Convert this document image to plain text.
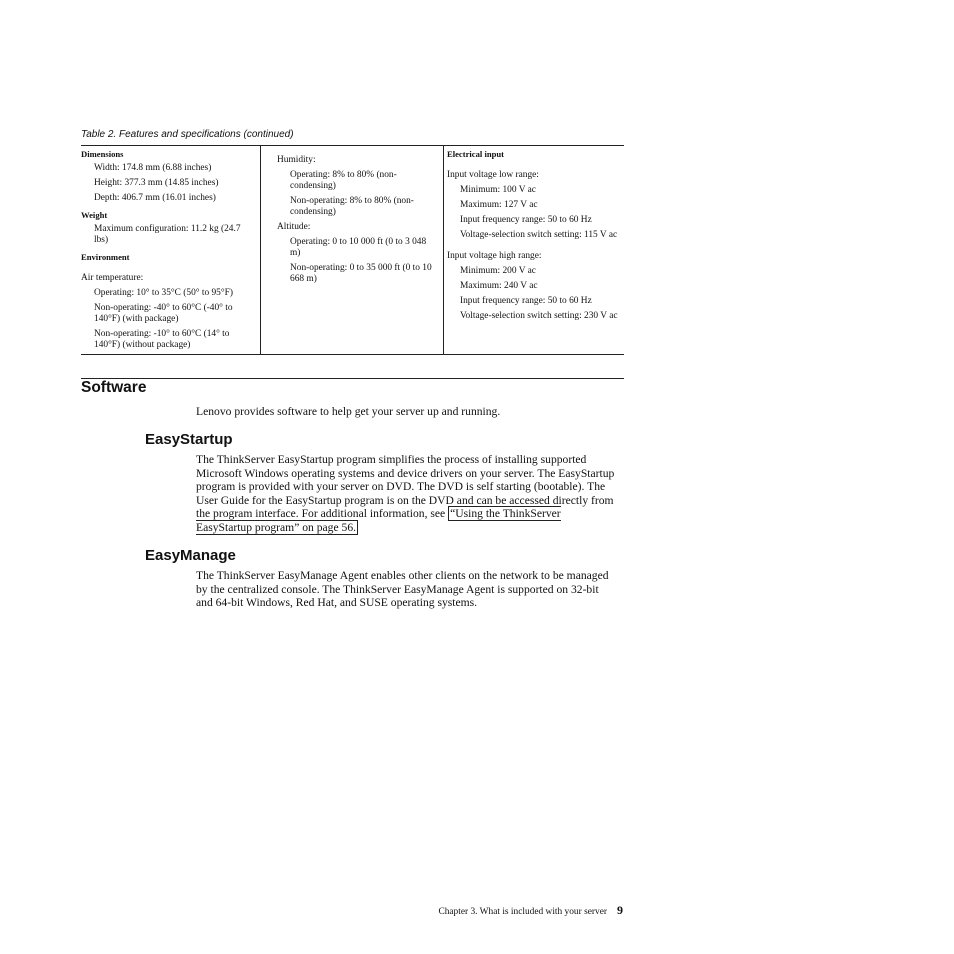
Table 2. Features and specifications (continued)
Dimensions
Width: 174.8 mm (6.88 inches)
Height: 377.3 mm (14.85 inches)
Depth: 406.7 mm (16.01 inches)
Weight
Maximum configuration: 11.2 kg (24.7 lbs)
Environment
Air temperature:
Operating: 10° to 35°C (50° to 95°F)
Non-operating: -40° to 60°C (-40° to 140°F) (with package)
Non-operating: -10° to 60°C (14° to 140°F) (without package)
Humidity:
Operating: 8% to 80% (non-condensing)
Non-operating: 8% to 80% (non-condensing)
Altitude:
Operating: 0 to 10 000 ft (0 to 3 048 m)
Non-operating: 0 to 35 000 ft (0 to 10 668 m)
Electrical input
Input voltage low range:
Minimum: 100 V ac
Maximum: 127 V ac
Input frequency range: 50 to 60 Hz
Voltage-selection switch setting: 115 V ac
Input voltage high range:
Minimum: 200 V ac
Maximum: 240 V ac
Input frequency range: 50 to 60 Hz
Voltage-selection switch setting: 230 V ac
Software

Lenovo provides software to help get your server up and running.

EasyStartup

The ThinkServer EasyStartup program simplifies the process of installing supported Microsoft Windows operating systems and device drivers on your server. The EasyStartup program is provided with your server on DVD. The DVD is self starting (bootable). The User Guide for the EasyStartup program is on the DVD and can be accessed directly from the program interface. For additional information, see “Using the ThinkServer EasyStartup program” on page 56.

EasyManage

The ThinkServer EasyManage Agent enables other clients on the network to be managed by the centralized console. The ThinkServer EasyManage Agent is supported on 32-bit and 64-bit Windows, Red Hat, and SUSE operating systems.

Chapter 3. What is included with your server 9
